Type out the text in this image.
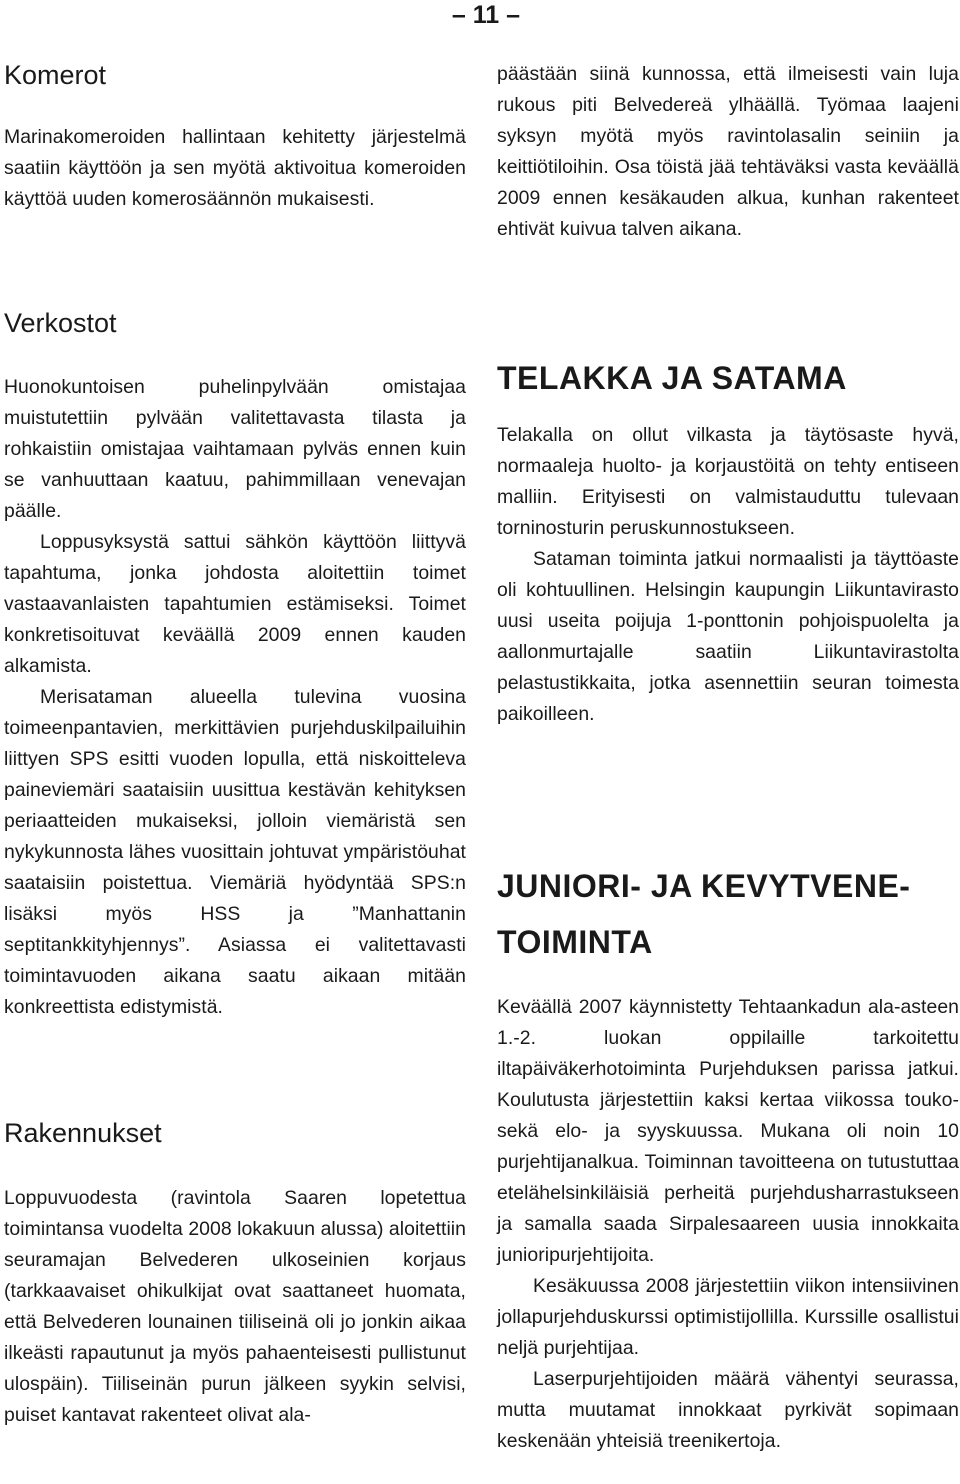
– 11 –
Komerot

Marinakomeroiden hallintaan kehitetty järjestelmä saatiin käyttöön ja sen myötä aktivoitua komeroiden käyttöä uuden komerosäännön mukaisesti.

Verkostot

Huonokuntoisen puhelinpylvään omistajaa muistutettiin pylvään valitettavasta tilasta ja rohkaistiin omistajaa vaihtamaan pylväs ennen kuin se vanhuuttaan kaatuu, pahimmillaan venevajan päälle.

Loppusyksystä sattui sähkön käyttöön liittyvä tapahtuma, jonka johdosta aloitettiin toimet vastaavanlaisten tapahtumien estämiseksi. Toimet konkretisoituvat keväällä 2009 ennen kauden alkamista.

Merisataman alueella tulevina vuosina toimeenpantavien, merkittävien purjehduskilpailuihin liittyen SPS esitti vuoden lopulla, että niskoitteleva paineviemäri saataisiin uusittua kestävän kehityksen periaatteiden mukaiseksi, jolloin viemäristä sen nykykunnosta lähes vuosittain johtuvat ympäristöuhat saataisiin poistettua. Viemäriä hyödyntää SPS:n lisäksi myös HSS ja ”Manhattanin septitankkityhjennys”. Asiassa ei valitettavasti toimintavuoden aikana saatu aikaan mitään konkreettista edistymistä.

Rakennukset

Loppuvuodesta (ravintola Saaren lopetettua toimintansa vuodelta 2008 lokakuun alussa) aloitettiin seuramajan Belvederen ulkoseinien korjaus (tarkkaavaiset ohikulkijat ovat saattaneet huomata, että Belvederen lounainen tiiliseinä oli jo jonkin aikaa ilkeästi rapautunut ja myös pahaenteisesti pullistunut ulospäin). Tiiliseinän purun jälkeen syykin selvisi, puiset kantavat rakenteet olivat ala-

päästään siinä kunnossa, että ilmeisesti vain luja rukous piti Belvedereä ylhäällä. Työmaa laajeni syksyn myötä myös ravintolasalin seiniin ja keittiötiloihin. Osa töistä jää tehtäväksi vasta keväällä 2009 ennen kesäkauden alkua, kunhan rakenteet ehtivät kuivua talven aikana.

TELAKKA JA SATAMA

Telakalla on ollut vilkasta ja täytösaste hyvä, normaaleja huolto- ja korjaustöitä on tehty entiseen malliin. Erityisesti on valmistauduttu tulevaan torninosturin peruskunnostukseen.

Sataman toiminta jatkui normaalisti ja täyttöaste oli kohtuullinen. Helsingin kaupungin Liikuntavirasto uusi useita poijuja 1-ponttonin pohjoispuolelta ja aallonmurtajalle saatiin Liikuntavirastolta pelastustikkaita, jotka asennettiin seuran toimesta paikoilleen.

JUNIORI- JA KEVYTVENE-
TOIMINTA

Keväällä 2007 käynnistetty Tehtaankadun ala-asteen 1.-2. luokan oppilaille tarkoitettu iltapäiväkerhotoiminta Purjehduksen parissa jatkui. Koulutusta järjestettiin kaksi kertaa viikossa touko- sekä elo- ja syyskuussa. Mukana oli noin 10 purjehtijanalkua. Toiminnan tavoitteena on tutustuttaa etelähelsinkiläisiä perheitä purjehdusharrastukseen ja samalla saada Sirpalesaareen uusia innokkaita junioripurjehtijoita.

Kesäkuussa 2008 järjestettiin viikon intensiivinen jollapurjehduskurssi optimistijollilla. Kurssille osallistui neljä purjehtijaa.

Laserpurjehtijoiden määrä vähentyi seurassa, mutta muutamat innokkaat pyrkivät sopimaan keskenään yhteisiä treenikertoja.
